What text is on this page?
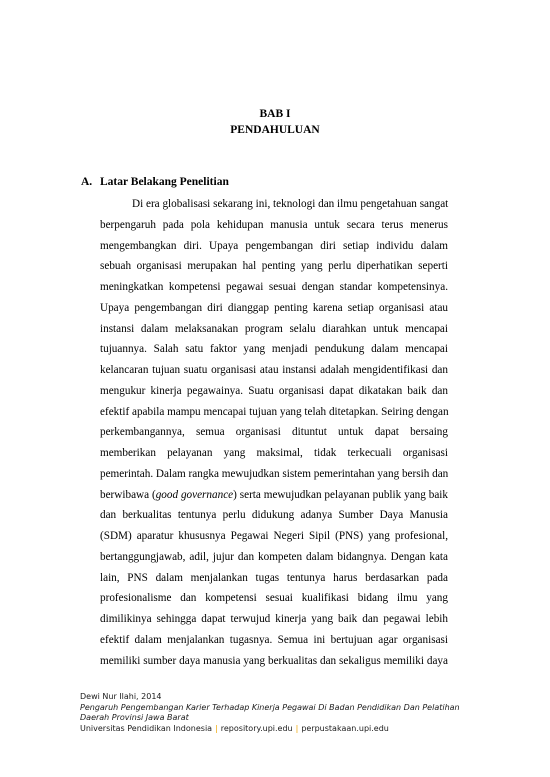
BAB I
PENDAHULUAN
A. Latar Belakang Penelitian
Di era globalisasi sekarang ini, teknologi dan ilmu pengetahuan sangat
berpengaruh pada pola kehidupan manusia untuk secara terus menerus
mengembangkan diri. Upaya pengembangan diri setiap individu dalam
sebuah organisasi merupakan hal penting yang perlu diperhatikan seperti
meningkatkan kompetensi pegawai sesuai dengan standar kompetensinya.
Upaya pengembangan diri dianggap penting karena setiap organisasi atau
instansi dalam melaksanakan program selalu diarahkan untuk mencapai
tujuannya. Salah satu faktor yang menjadi pendukung dalam mencapai
kelancaran tujuan suatu organisasi atau instansi adalah mengidentifikasi dan
mengukur kinerja pegawainya. Suatu organisasi dapat dikatakan baik dan
efektif apabila mampu mencapai tujuan yang telah ditetapkan. Seiring dengan
perkembangannya, semua organisasi dituntut untuk dapat bersaing
memberikan pelayanan yang maksimal, tidak terkecuali organisasi
pemerintah. Dalam rangka mewujudkan sistem pemerintahan yang bersih dan
berwibawa (good governance) serta mewujudkan pelayanan publik yang baik
dan berkualitas tentunya perlu didukung adanya Sumber Daya Manusia
(SDM) aparatur khususnya Pegawai Negeri Sipil (PNS) yang profesional,
bertanggungjawab, adil, jujur dan kompeten dalam bidangnya. Dengan kata
lain, PNS dalam menjalankan tugas tentunya harus berdasarkan pada
profesionalisme dan kompetensi sesuai kualifikasi bidang ilmu yang
dimilikinya sehingga dapat terwujud kinerja yang baik dan pegawai lebih
efektif dalam menjalankan tugasnya. Semua ini bertujuan agar organisasi
memiliki sumber daya manusia yang berkualitas dan sekaligus memiliki daya
Dewi Nur Ilahi, 2014
Pengaruh Pengembangan Karier Terhadap Kinerja Pegawai Di Badan Pendidikan Dan Pelatihan
Daerah Provinsi Jawa Barat
Universitas Pendidikan Indonesia | repository.upi.edu | perpustakaan.upi.edu
